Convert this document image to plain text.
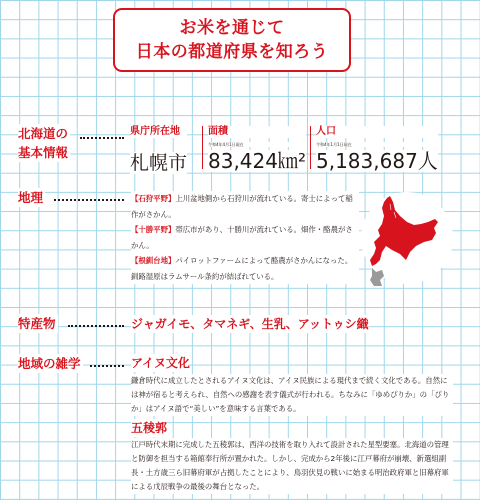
お米を通じて
日本の都道府県を知ろう
北海道の
基本情報
県庁所在地
札幌市
面積
令和4年4月1日現在
83,424㎞²
人口
令和4年1月1日現在
5,183,687人
地理	【石狩平野】上川盆地側から石狩川が流れている。寄士によって稲作がさかん。
【十勝平野】帯広市があり、十勝川が流れている。畑作・酪農がさかん。
【根釧台地】パイロットファームによって酪農がさかんになった。釧路湿原はラムサール条約が結ばれている。
特産物	ジャガイモ、タマネギ、生乳、アットゥシ織
地域の雑学	アイヌ文化
鎌倉時代に成立したとされるアイヌ文化は、アイヌ民族による現代まで続く文化である。自然には神が宿ると考えられ、自然への感謝を表す儀式が行われる。ちなみに「ゆめぴりか」の「ぴりか」はアイヌ語で“美しい”を意味する言葉である。
五稜郭
江戸時代末期に完成した五稜郭は、西洋の技術を取り入れて設計された星型要塞。北海道の管理と防御を担当する箱館奉行所が置かれた。しかし、完成から2年後に江戸幕府が崩壊、新選組副長・土方歳三ら旧幕府軍が占拠したことにより、鳥羽伏見の戦いに始まる明治政府軍と旧幕府軍による戊辰戦争の最後の舞台となった。
